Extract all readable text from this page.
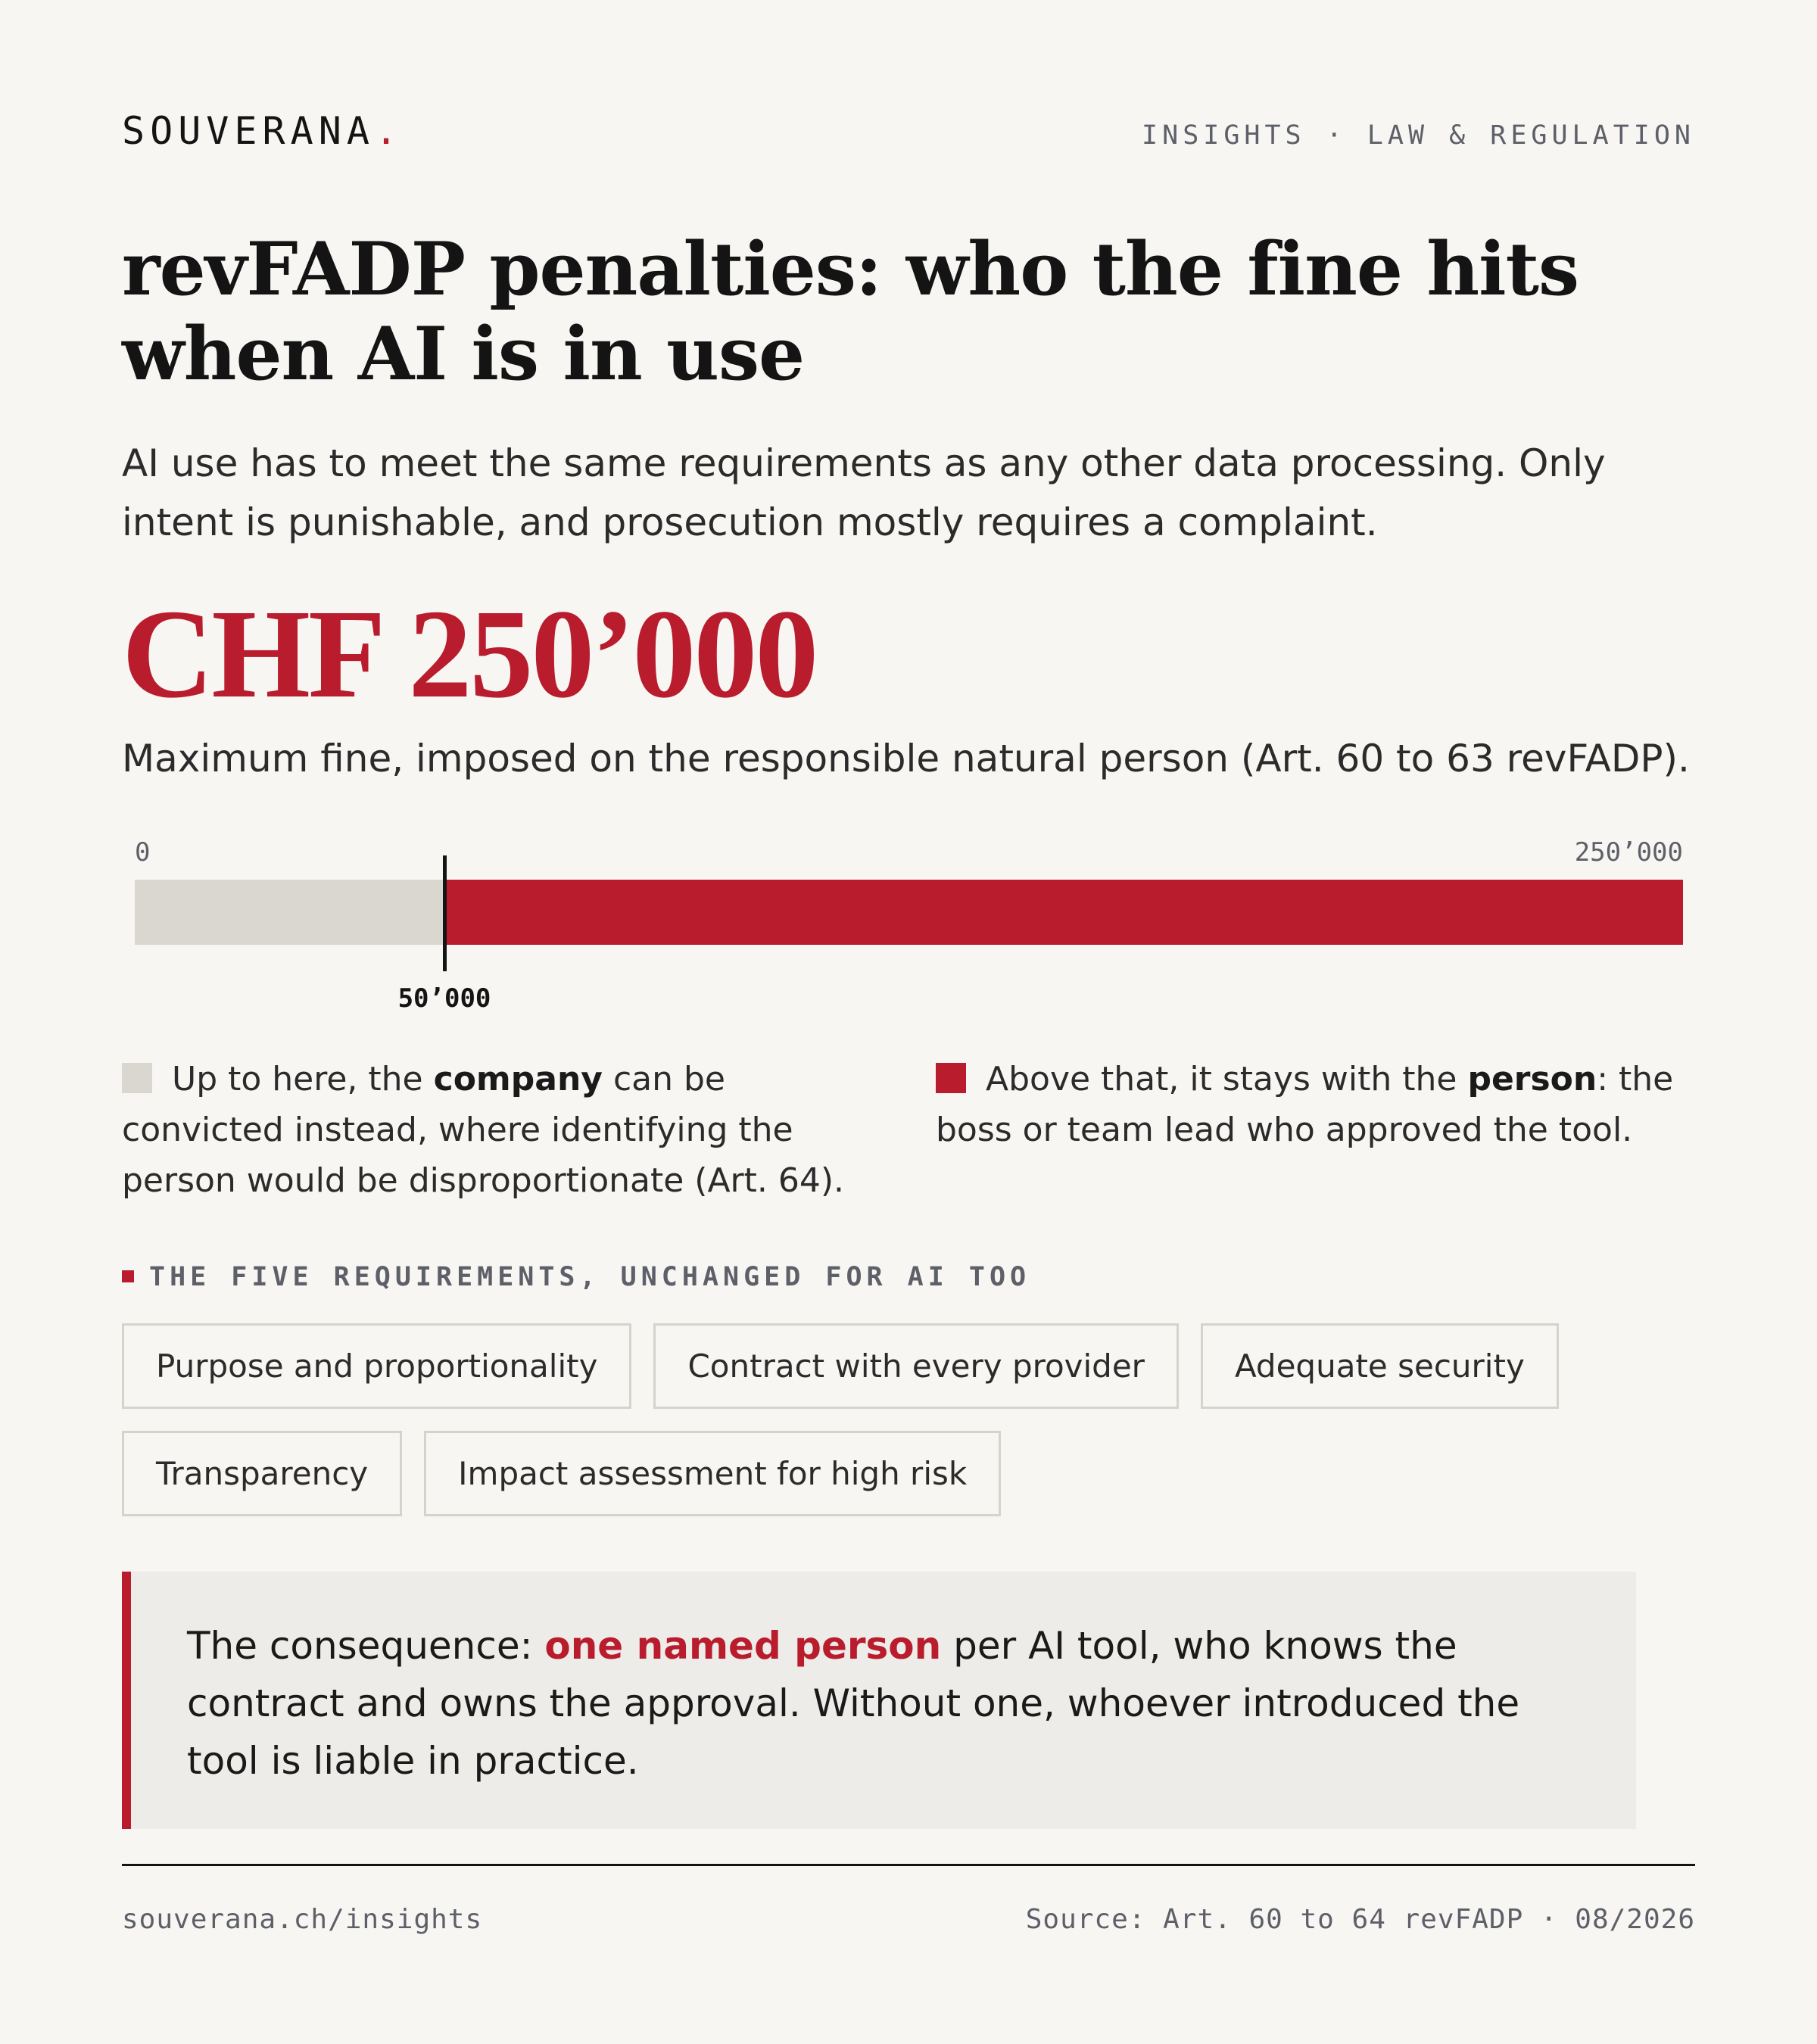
SOUVERANA.	INSIGHTS · LAW & REGULATION
revFADP penalties: who the fine hits when AI is in use

AI use has to meet the same requirements as any other data processing. Only intent is punishable, and prosecution mostly requires a complaint.

CHF 250’000
Maximum fine, imposed on the responsible natural person (Art. 60 to 63 revFADP).
0	250’000
50’000

Up to here, the company can be convicted instead, where identifying the person would be disproportionate (Art. 64).

Above that, it stays with the person: the boss or team lead who approved the tool.

THE FIVE REQUIREMENTS, UNCHANGED FOR AI TOO
Purpose and proportionality	Contract with every provider	Adequate security
Transparency	Impact assessment for high risk

The consequence: one named person per AI tool, who knows the contract and owns the approval. Without one, whoever introduced the tool is liable in practice.

souverana.ch/insights	Source: Art. 60 to 64 revFADP · 08/2026
